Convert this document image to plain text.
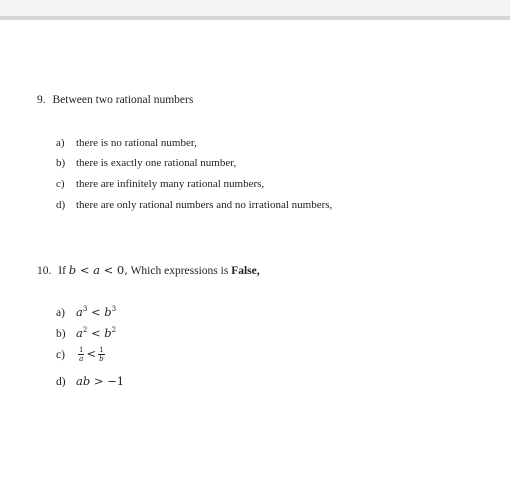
9. Between two rational numbers
a) there is no rational number,
b) there is exactly one rational number,
c) there are infinitely many rational numbers,
d) there are only rational numbers and no irrational numbers,
10. If b < a < 0, Which expressions is False,
a) $a^3 < b^3$
b) $a^2 < b^2$
$c) \frac{1}{a} < \frac{1}{b}$
d) ab > −1
